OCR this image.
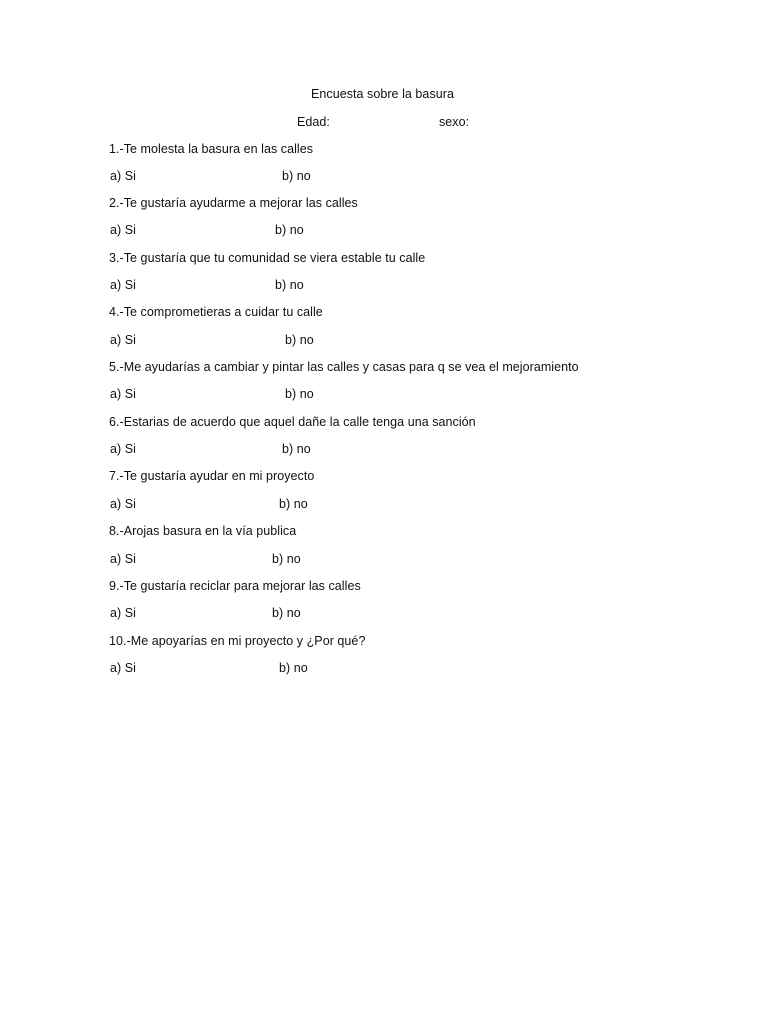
Encuesta sobre la basura
Edad:	sexo:
1.-Te molesta la basura en las calles
a) Si	b) no
2.-Te gustaría ayudarme a mejorar las calles
a) Si	b) no
3.-Te gustaría que tu comunidad se viera estable tu calle
a) Si	b) no
4.-Te comprometieras a cuidar tu calle
a) Si	b) no
5.-Me ayudarías a cambiar y pintar las calles y casas para q se vea el mejoramiento
a) Si	b) no
6.-Estarias de acuerdo que aquel dañe la calle tenga una sanción
a) Si	b) no
7.-Te gustaría ayudar en mi proyecto
a) Si	b) no
8.-Arojas basura en la vía publica
a) Si	b) no
9.-Te gustaría reciclar para mejorar las calles
a) Si	b) no
10.-Me apoyarías en mi proyecto y ¿Por qué?
a) Si	b) no
